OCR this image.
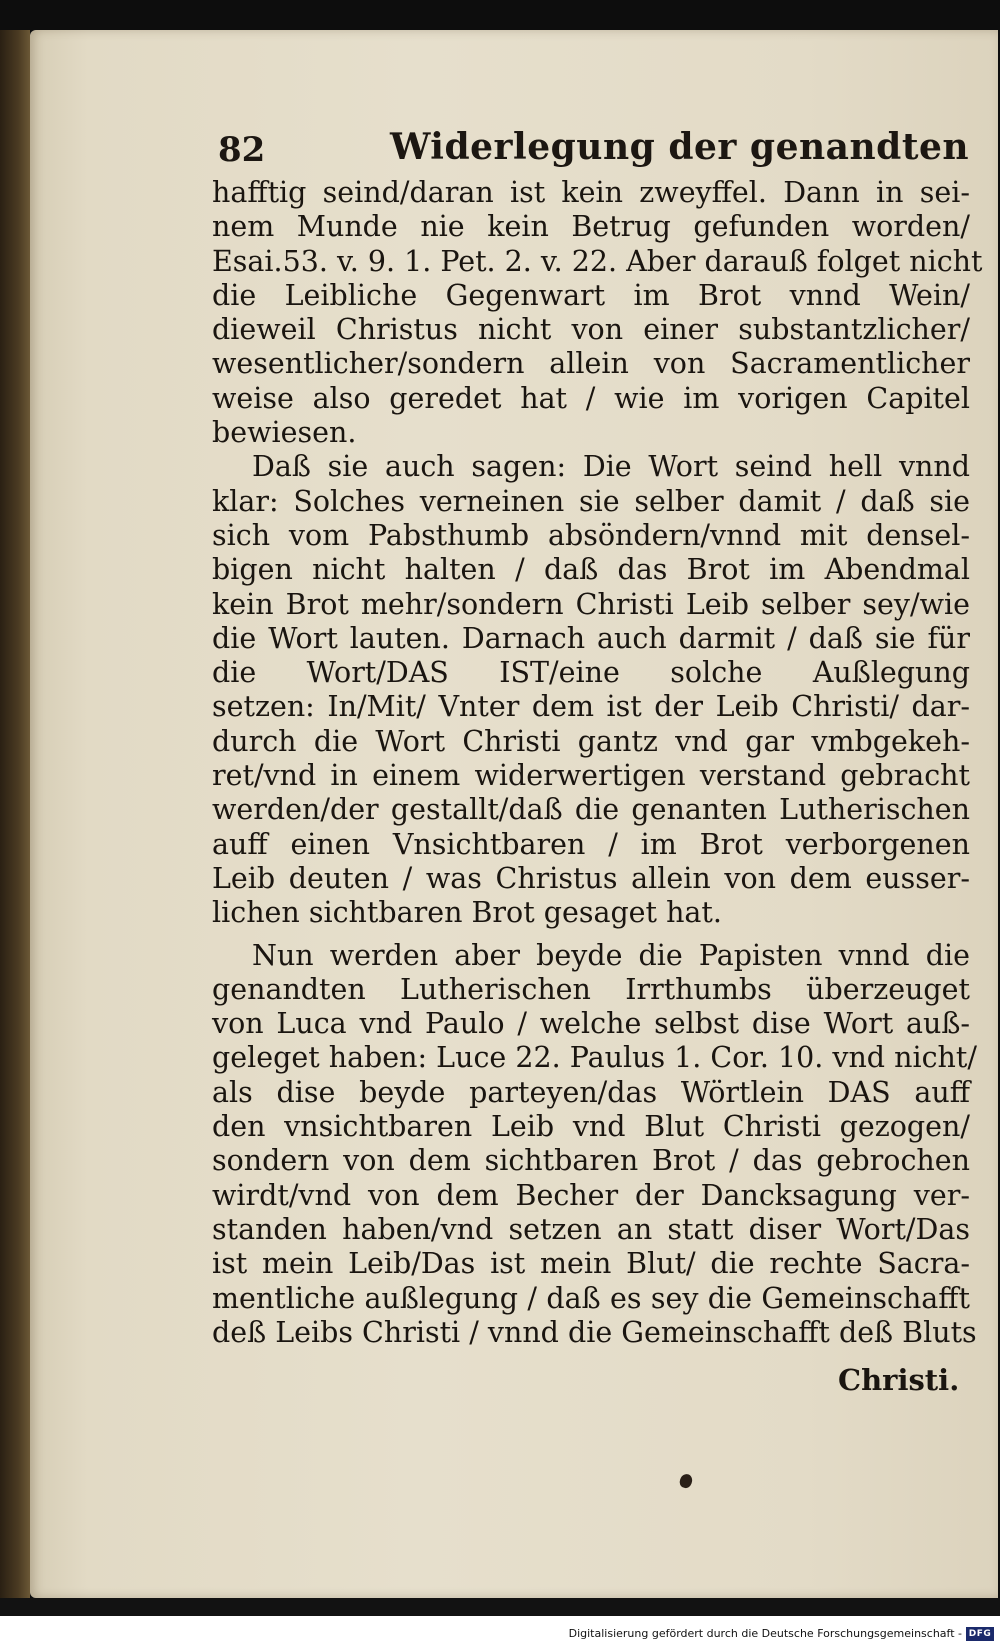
82	Widerlegung der genandten
hafftig seind/daran ist kein zweyffel. Dann in sei-
nem Munde nie kein Betrug gefunden worden/
Esai.53. v. 9. 1. Pet. 2. v. 22. Aber darauß folget nicht
die Leibliche Gegenwart im Brot vnnd Wein/
dieweil Christus nicht von einer substantzlicher/
wesentlicher/sondern allein von Sacramentlicher
weise also geredet hat / wie im vorigen Capitel
bewiesen.
Daß sie auch sagen: Die Wort seind hell vnnd
klar: Solches verneinen sie selber damit / daß sie
sich vom Pabsthumb absöndern/vnnd mit densel-
bigen nicht halten / daß das Brot im Abendmal
kein Brot mehr/sondern Christi Leib selber sey/wie
die Wort lauten. Darnach auch darmit / daß sie für
die Wort/DAS IST/eine solche Außlegung
setzen: In/Mit/ Vnter dem ist der Leib Christi/ dar-
durch die Wort Christi gantz vnd gar vmbgekeh-
ret/vnd in einem widerwertigen verstand gebracht
werden/der gestallt/daß die genanten Lutherischen
auff einen Vnsichtbaren / im Brot verborgenen
Leib deuten / was Christus allein von dem eusser-
lichen sichtbaren Brot gesaget hat.
Nun werden aber beyde die Papisten vnnd die
genandten Lutherischen Irrthumbs überzeuget
von Luca vnd Paulo / welche selbst dise Wort auß-
geleget haben: Luce 22. Paulus 1. Cor. 10. vnd nicht/
als dise beyde parteyen/das Wörtlein DAS auff
den vnsichtbaren Leib vnd Blut Christi gezogen/
sondern von dem sichtbaren Brot / das gebrochen
wirdt/vnd von dem Becher der Dancksagung ver-
standen haben/vnd setzen an statt diser Wort/Das
ist mein Leib/Das ist mein Blut/ die rechte Sacra-
mentliche außlegung / daß es sey die Gemeinschafft
deß Leibs Christi / vnnd die Gemeinschafft deß Bluts
Christi.
Digitalisierung gefördert durch die Deutsche Forschungsgemeinschaft - DFG
